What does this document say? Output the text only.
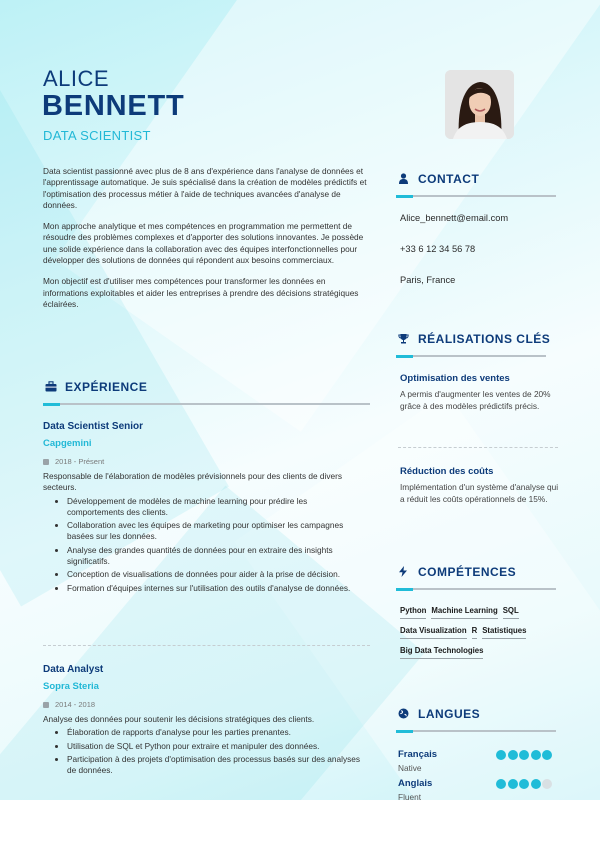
ALICE
BENNETT
DATA SCIENTIST

Data scientist passionné avec plus de 8 ans d'expérience dans l'analyse de données et l'apprentissage automatique. Je suis spécialisé dans la création de modèles prédictifs et l'optimisation des processus métier à l'aide de techniques avancées d'analyse de données.

Mon approche analytique et mes compétences en programmation me permettent de résoudre des problèmes complexes et d'apporter des solutions innovantes. Je possède une solide expérience dans la collaboration avec des équipes interfonctionnelles pour développer des solutions de données qui répondent aux besoins commerciaux.

Mon objectif est d'utiliser mes compétences pour transformer les données en informations exploitables et aider les entreprises à prendre des décisions stratégiques éclairées.

EXPÉRIENCE
Data Scientist Senior
Capgemini
2018 - Présent
Responsable de l'élaboration de modèles prévisionnels pour des clients de divers secteurs.
Développement de modèles de machine learning pour prédire les comportements des clients.
Collaboration avec les équipes de marketing pour optimiser les campagnes basées sur les données.
Analyse des grandes quantités de données pour en extraire des insights significatifs.
Conception de visualisations de données pour aider à la prise de décision.
Formation d'équipes internes sur l'utilisation des outils d'analyse de données.
Data Analyst
Sopra Steria
2014 - 2018
Analyse des données pour soutenir les décisions stratégiques des clients.
Élaboration de rapports d'analyse pour les parties prenantes.
Utilisation de SQL et Python pour extraire et manipuler des données.
Participation à des projets d'optimisation des processus basés sur des analyses de données.
CONTACT
Alice_bennett@email.com
+33 6 12 34 56 78
Paris, France
RÉALISATIONS CLÉS
Optimisation des ventes
A permis d'augmenter les ventes de 20% grâce à des modèles prédictifs précis.
Réduction des coûts
Implémentation d'un système d'analyse qui a réduit les coûts opérationnels de 15%.
COMPÉTENCES
Python Machine Learning SQL
Data Visualization R Statistiques
Big Data Technologies
LANGUES
Français
Native
Anglais
Fluent
